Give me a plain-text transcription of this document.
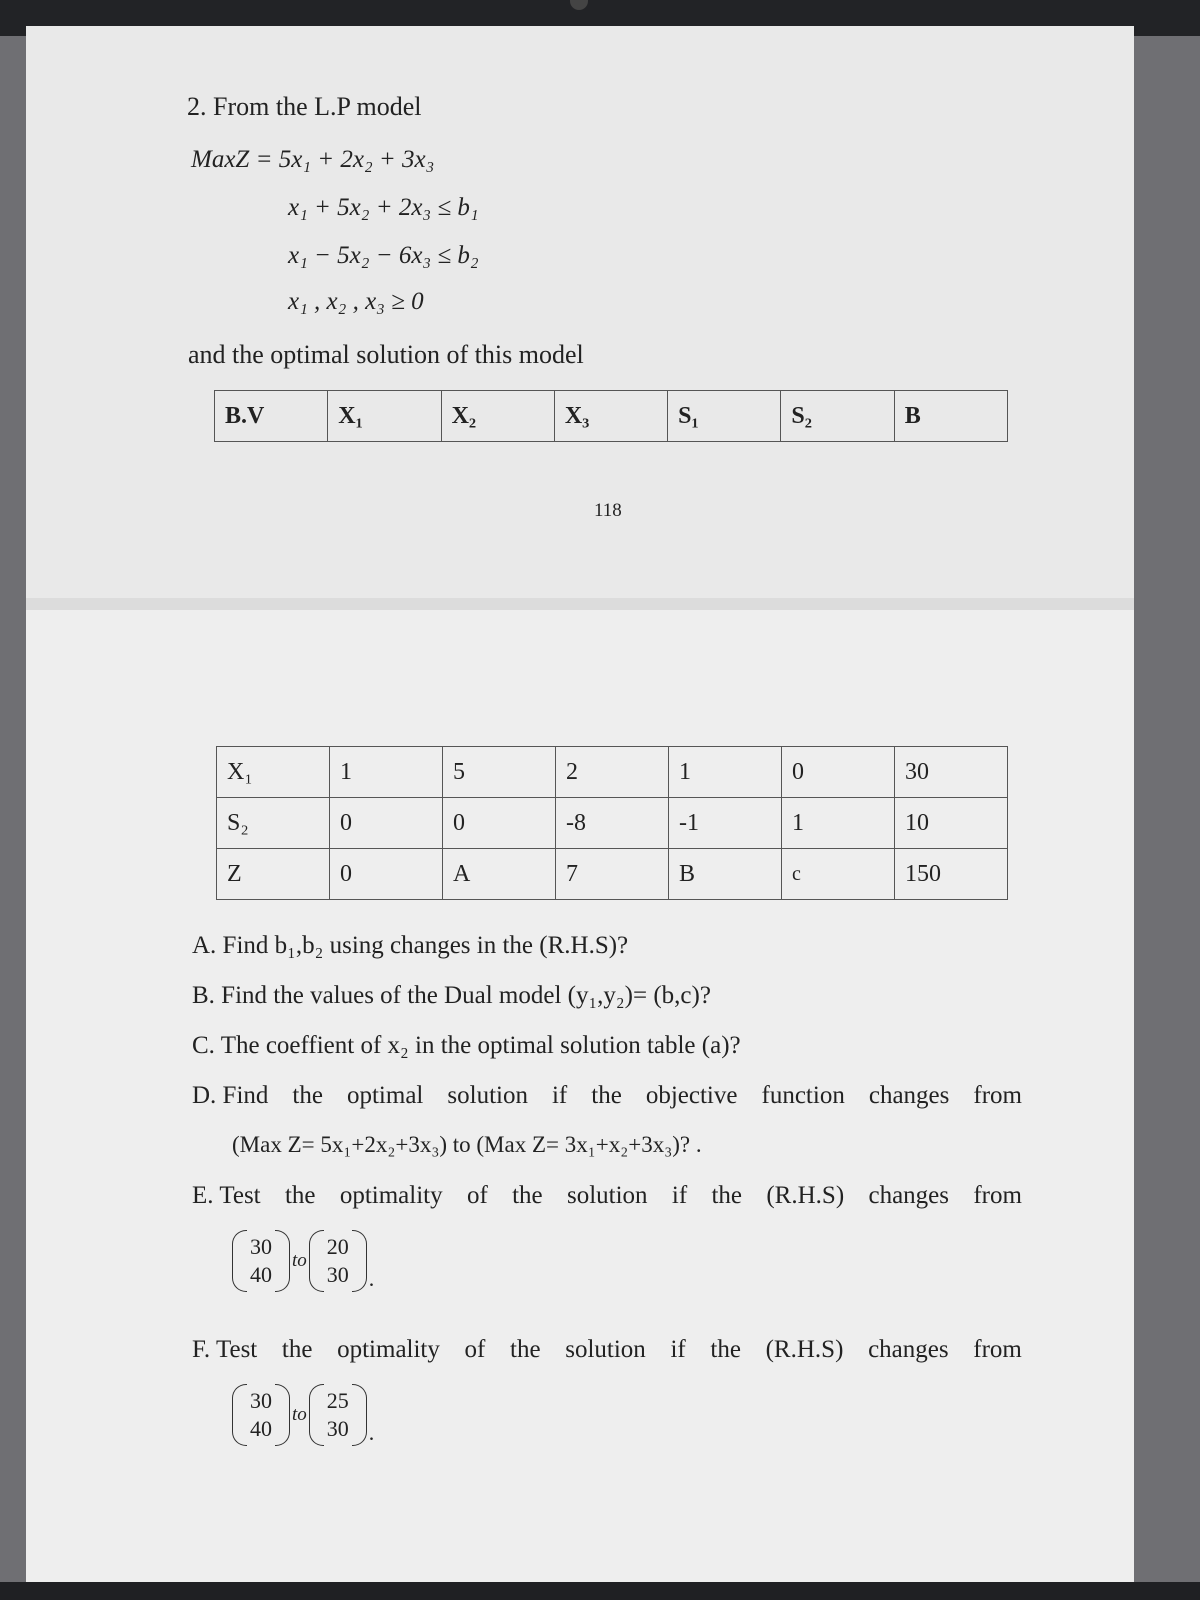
2. From the L.P model
MaxZ = 5x₁ + 2x₂ + 3x₃
x₁ + 5x₂ + 2x₃ ≤ b₁
x₁ − 5x₂ − 6x₃ ≤ b₂
x₁ , x₂ , x₃ ≥ 0
and the optimal solution of this model
B.V	X₁	X₂	X₃	S₁	S₂	B
118
X₁	1	5	2	1	0	30
S₂	0	0	-8	-1	1	10
Z	0	A	7	B	c	150
A. Find b₁,b₂ using changes in the (R.H.S)?
B. Find the values of the Dual model (y₁,y₂)= (b,c)?
C. The coeffient of x₂ in the optimal solution table (a)?
D. Find the optimal solution if the objective function changes from
(Max Z= 5x₁+2x₂+3x₃) to (Max Z= 3x₁+x₂+3x₃)? .
E. Test the optimality of the solution if the (R.H.S) changes from
30
40
to
20
30 .
F. Test the optimality of the solution if the (R.H.S) changes from
30
40
to
25
30 .
